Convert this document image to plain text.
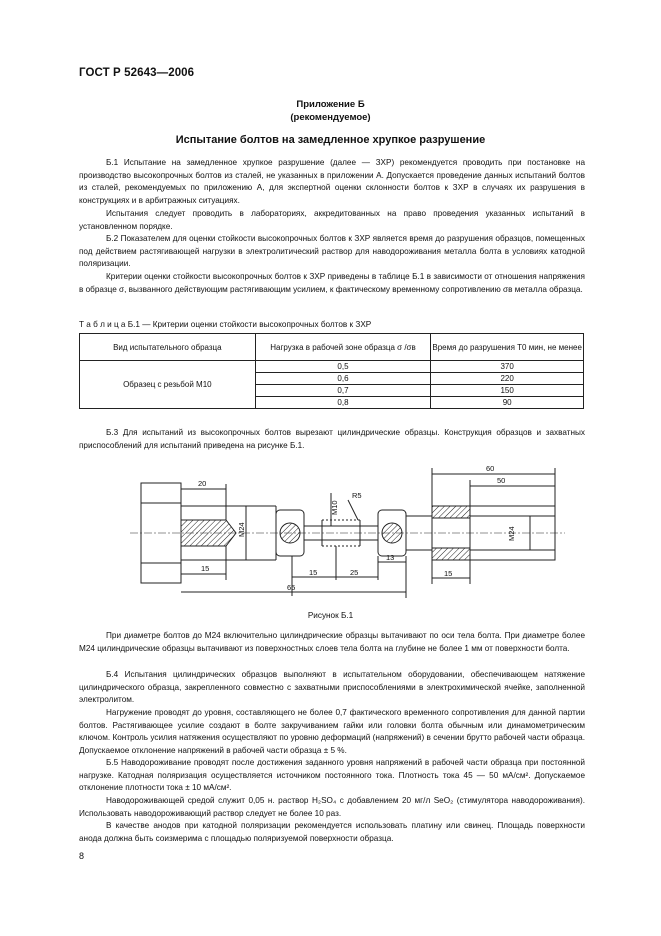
ГОСТ Р 52643—2006
Приложение Б
(рекомендуемое)
Испытание болтов на замедленное хрупкое разрушение

Б.1 Испытание на замедленное хрупкое разрушение (далее — ЗХР) рекомендуется проводить при постановке на производство высокопрочных болтов из сталей, не указанных в приложении А. Допускается проведение данных испытаний болтов из сталей, рекомендуемых по приложению А, для экспертной оценки склонности болтов к ЗХР в случаях их разрушения в конструкциях и в арбитражных ситуациях.

Испытания следует проводить в лабораториях, аккредитованных на право проведения указанных испытаний в установленном порядке.

Б.2 Показателем для оценки стойкости высокопрочных болтов к ЗХР является время до разрушения образцов, помещенных под действием растягивающей нагрузки в электролитический раствор для наводороживания металла болта в условиях катодной поляризации.

Критерии оценки стойкости высокопрочных болтов к ЗХР приведены в таблице Б.1 в зависимости от отношения напряжения в образце σ, вызванного действующим растягивающим усилием, к фактическому временному сопротивлению σв металла образца.

Т а б л и ц а Б.1 — Критерии оценки стойкости высокопрочных болтов к ЗХР
Вид испытательного образца	Нагрузка в рабочей зоне образца σ /σв	Время до разрушения Т0 мин, не менее
Образец с резьбой М10	0,5	370
	0,6	220
	0,7	150
	0,8	90

Б.3 Для испытаний из высокопрочных болтов вырезают цилиндрические образцы. Конструкция образцов и захватных приспособлений для испытаний приведена на рисунке Б.1.

20
М24
15
М10
R5
13
15	25
65
60
50
М24
15
Рисунок Б.1

При диаметре болтов до М24 включительно цилиндрические образцы вытачивают по оси тела болта. При диаметре более М24 цилиндрические образцы вытачивают из поверхностных слоев тела болта на глубине не более 1 мм от поверхности болта.

Б.4 Испытания цилиндрических образцов выполняют в испытательном оборудовании, обеспечивающем натяжение цилиндрического образца, закрепленного совместно с захватными приспособлениями в электрохимической ячейке, заполненной электролитом.

Нагружение проводят до уровня, составляющего не более 0,7 фактического временного сопротивления для данной партии болтов. Растягивающее усилие создают в болте закручиванием гайки или головки болта обычным или динамометрическим ключом. Контроль усилия натяжения осуществляют по уровню деформаций (напряжений) в сечении брутто рабочей части образца. Допускаемое отклонение напряжений в рабочей части образца ± 5 %.

Б.5 Наводороживание проводят после достижения заданного уровня напряжений в рабочей части образца при постоянной нагрузке. Катодная поляризация осуществляется источником постоянного тока. Плотность тока 45 — 50 мА/см². Допускаемое отклонение плотности тока ± 10 мА/см².

Наводороживающей средой служит 0,05 н. раствор H₂SO₄ с добавлением 20 мг/л SeO₂ (стимулятора наводороживания). Использовать наводороживающий раствор следует не более 10 раз.

В качестве анодов при катодной поляризации рекомендуется использовать платину или свинец. Площадь поверхности анода должна быть соизмерима с площадью поляризуемой поверхности образца.

8
